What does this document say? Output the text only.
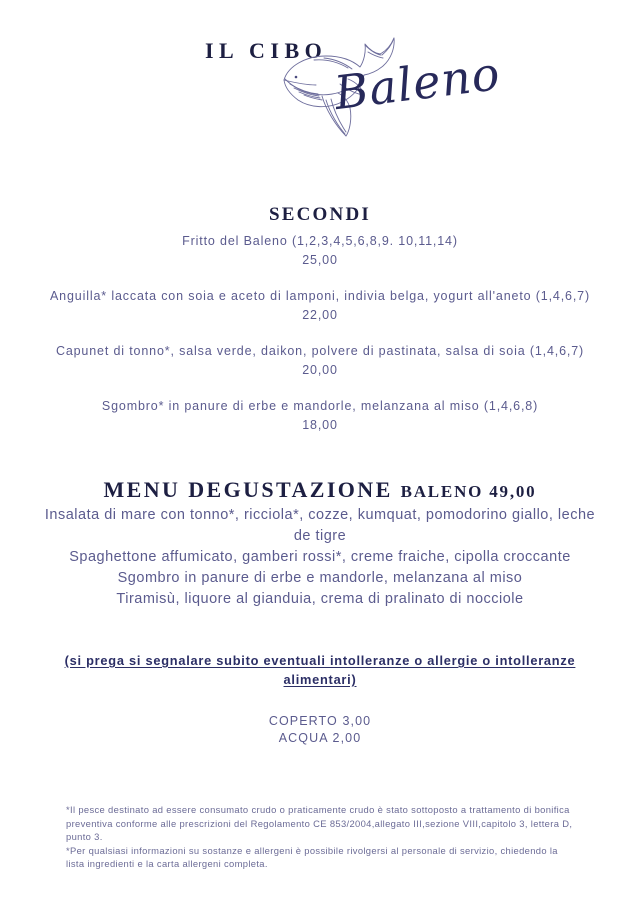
IL CIBO Baleno
SECONDI

Fritto del Baleno (1,2,3,4,5,6,8,9. 10,11,14)

25,00

Anguilla* laccata con soia e aceto di lamponi, indivia belga, yogurt all'aneto (1,4,6,7)

22,00

Capunet di tonno*, salsa verde, daikon, polvere di pastinata, salsa di soia (1,4,6,7)

20,00

Sgombro* in panure di erbe e mandorle, melanzana al miso (1,4,6,8)

18,00

MENU DEGUSTAZIONE BALENO 49,00
Insalata di mare con tonno*, ricciola*, cozze, kumquat, pomodorino giallo, leche de tigre
Spaghettone affumicato, gamberi rossi*, creme fraiche, cipolla croccante
Sgombro in panure di erbe e mandorle, melanzana al miso
Tiramisù, liquore al gianduia, crema di pralinato di nocciole
(si prega si segnalare subito eventuali intolleranze o allergie o intolleranze alimentari)
COPERTO 3,00
ACQUA 2,00

*Il pesce destinato ad essere consumato crudo o praticamente crudo è stato sottoposto a trattamento di bonifica preventiva conforme alle prescrizioni del Regolamento CE 853/2004,allegato III,sezione VIII,capitolo 3, lettera D, punto 3.

*Per qualsiasi informazioni su sostanze e allergeni è possibile rivolgersi al personale di servizio, chiedendo la lista ingredienti e la carta allergeni completa.
